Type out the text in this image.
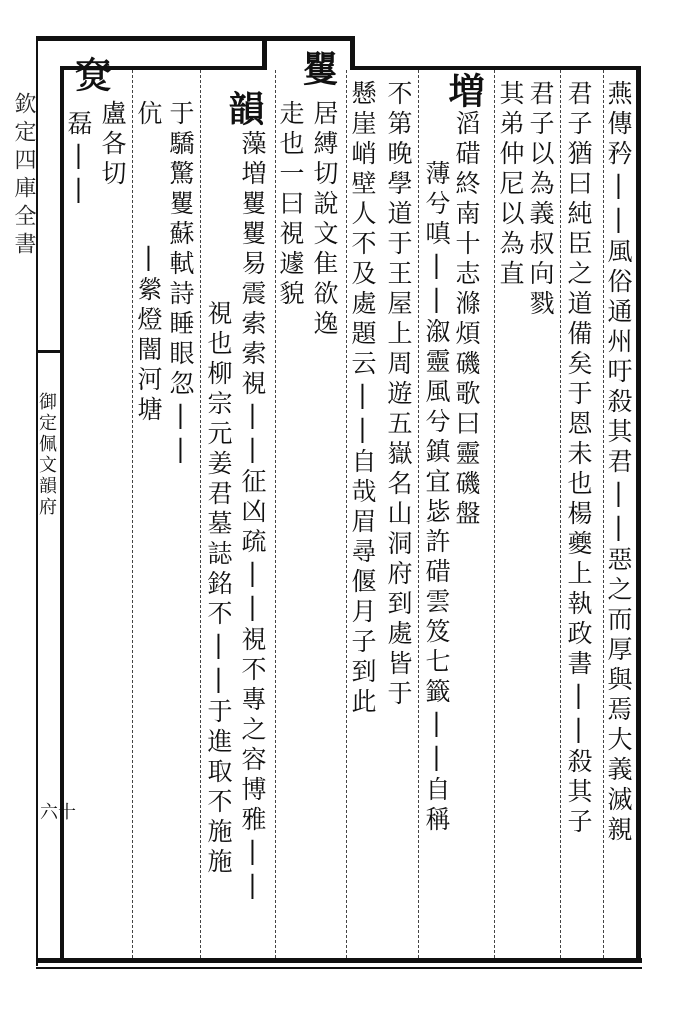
欽定四庫全書
御定佩文韻府
六十	燕傳矜||風俗通州吁殺其君||惡之而厚與焉大義滅親
君子猶曰純臣之道備矣于恩未也楊夔上執政書||殺其子
君子以為義叔向戮
其弟仲尼以為直
増
滔碏終南十志滌煩磯歌曰靈磯盤
薄兮嗔||溆靈風兮鎮宜毖許碏雲笈七籤||自稱
不第晚學道于王屋上周遊五嶽名山洞府到處皆于
懸崖峭壁人不及處題云||自哉眉尋偃月子到此
矍
居縛切說文隹欲逸
走也一曰視遽貌
韻
藻増矍矍易震索索視||征凶疏||視不專之容博雅||
視也柳宗元姜君墓誌銘不||于進取不施施
于驕驚矍蘇軾詩睡眼忽||
伉
|縈燈闇河塘
𤊽
盧各切
磊||
